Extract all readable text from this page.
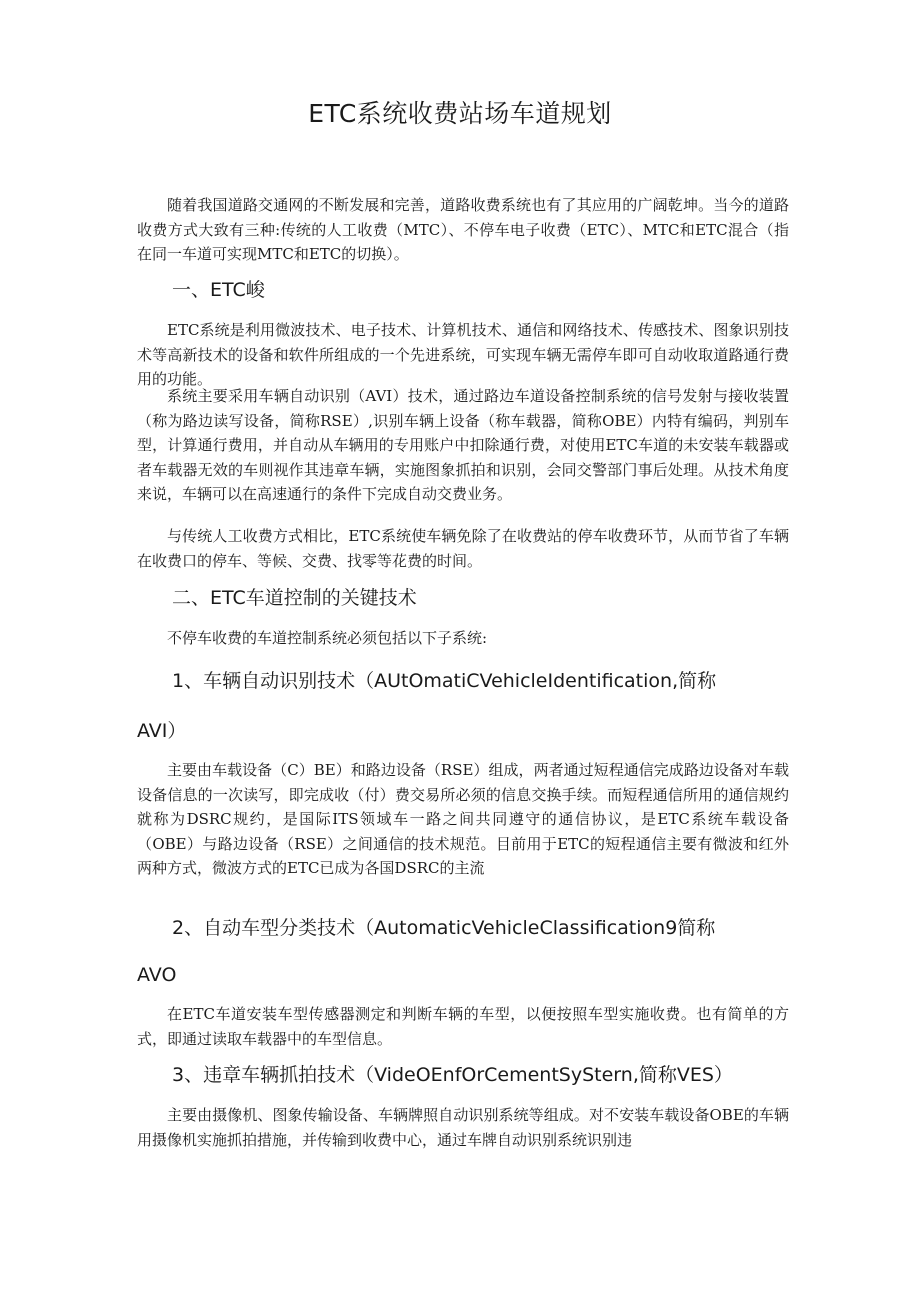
ETC系统收费站场车道规划

随着我国道路交通网的不断发展和完善，道路收费系统也有了其应用的广阔乾坤。当今的道路收费方式大致有三种:传统的人工收费（MTC）、不停车电子收费（ETC）、MTC和ETC混合（指在同一车道可实现MTC和ETC的切换）。

一、ETC峻

ETC系统是利用微波技术、电子技术、计算机技术、通信和网络技术、传感技术、图象识别技术等高新技术的设备和软件所组成的一个先进系统，可实现车辆无需停车即可自动收取道路通行费用的功能。

系统主要采用车辆自动识别（AVI）技术，通过路边车道设备控制系统的信号发射与接收装置（称为路边读写设备，简称RSE）,识别车辆上设备（称车载器，简称OBE）内特有编码，判别车型，计算通行费用，并自动从车辆用的专用账户中扣除通行费，对使用ETC车道的未安装车载器或者车载器无效的车则视作其违章车辆，实施图象抓拍和识别，会同交警部门事后处理。从技术角度来说，车辆可以在高速通行的条件下完成自动交费业务。

与传统人工收费方式相比，ETC系统使车辆免除了在收费站的停车收费环节，从而节省了车辆在收费口的停车、等候、交费、找零等花费的时间。

二、ETC车道控制的关键技术

不停车收费的车道控制系统必须包括以下子系统:

1、车辆自动识别技术（AUtOmatiCVehicleIdentification,简称
AVI）

主要由车载设备（C）BE）和路边设备（RSE）组成，两者通过短程通信完成路边设备对车载设备信息的一次读写，即完成收（付）费交易所必须的信息交换手续。而短程通信所用的通信规约就称为DSRC规约，是国际ITS领域车一路之间共同遵守的通信协议，是ETC系统车载设备（OBE）与路边设备（RSE）之间通信的技术规范。目前用于ETC的短程通信主要有微波和红外两种方式，微波方式的ETC已成为各国DSRC的主流

2、自动车型分类技术（AutomaticVehicleClassification9简称
AVO

在ETC车道安装车型传感器测定和判断车辆的车型，以便按照车型实施收费。也有简单的方式，即通过读取车载器中的车型信息。

3、违章车辆抓拍技术（VideOEnfOrCementSyStern,简称VES）

主要由摄像机、图象传输设备、车辆牌照自动识别系统等组成。对不安装车载设备OBE的车辆用摄像机实施抓拍措施，并传输到收费中心，通过车牌自动识别系统识别违
